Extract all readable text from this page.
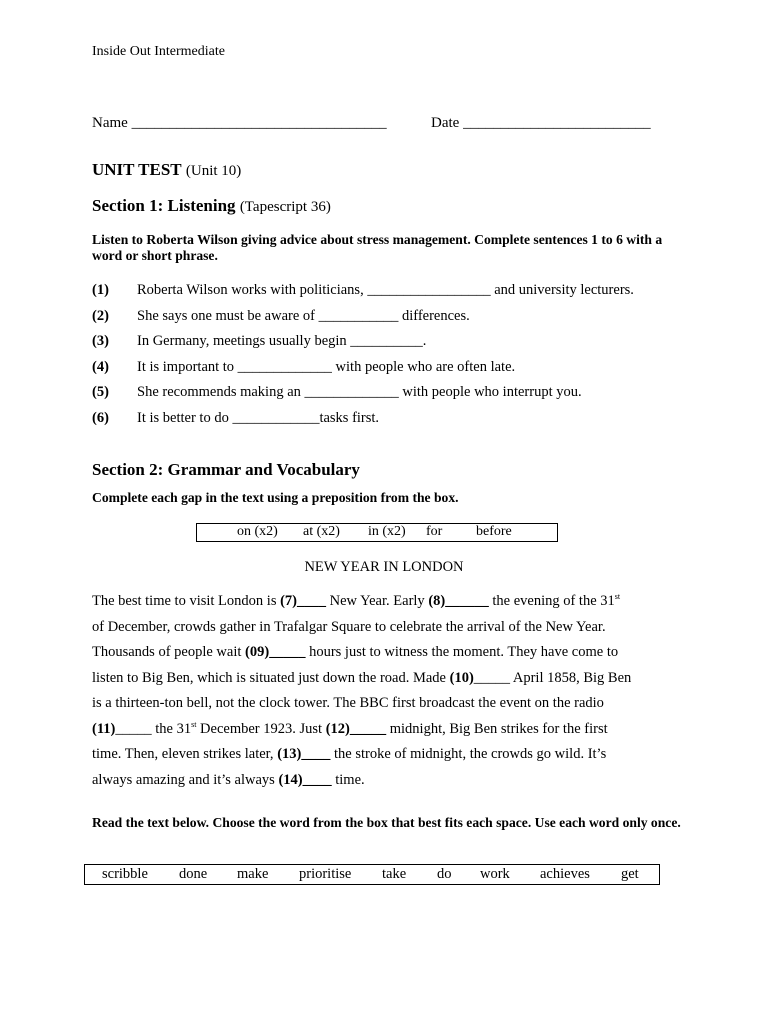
Inside Out Intermediate
Name __________________________________	Date _________________________
UNIT TEST (Unit 10)
Section 1: Listening (Tapescript 36)
Listen to Roberta Wilson giving advice about stress management. Complete sentences 1 to 6 with a word or short phrase.
(1) Roberta Wilson works with politicians, _________________ and university lecturers.
(2) She says one must be aware of ___________ differences.
(3) In Germany, meetings usually begin __________.
(4) It is important to _____________ with people who are often late.
(5) She recommends making an _____________ with people who interrupt you.
(6) It is better to do ____________tasks first.
Section 2: Grammar and Vocabulary
Complete each gap in the text using a preposition from the box.
on (x2) at (x2) in (x2) for before
NEW YEAR IN LONDON
The best time to visit London is (7)____ New Year. Early (8)______ the evening of the 31st
of December, crowds gather in Trafalgar Square to celebrate the arrival of the New Year.
Thousands of people wait (09)_____ hours just to witness the moment. They have come to
listen to Big Ben, which is situated just down the road. Made (10)_____ April 1858, Big Ben
is a thirteen-ton bell, not the clock tower. The BBC first broadcast the event on the radio
(11)_____ the 31st December 1923. Just (12)_____ midnight, Big Ben strikes for the first
time. Then, eleven strikes later, (13)____ the stroke of midnight, the crowds go wild. It’s
always amazing and it’s always (14)____ time.
Read the text below. Choose the word from the box that best fits each space. Use each word only once.
scribble done make prioritise take do work achieves get
